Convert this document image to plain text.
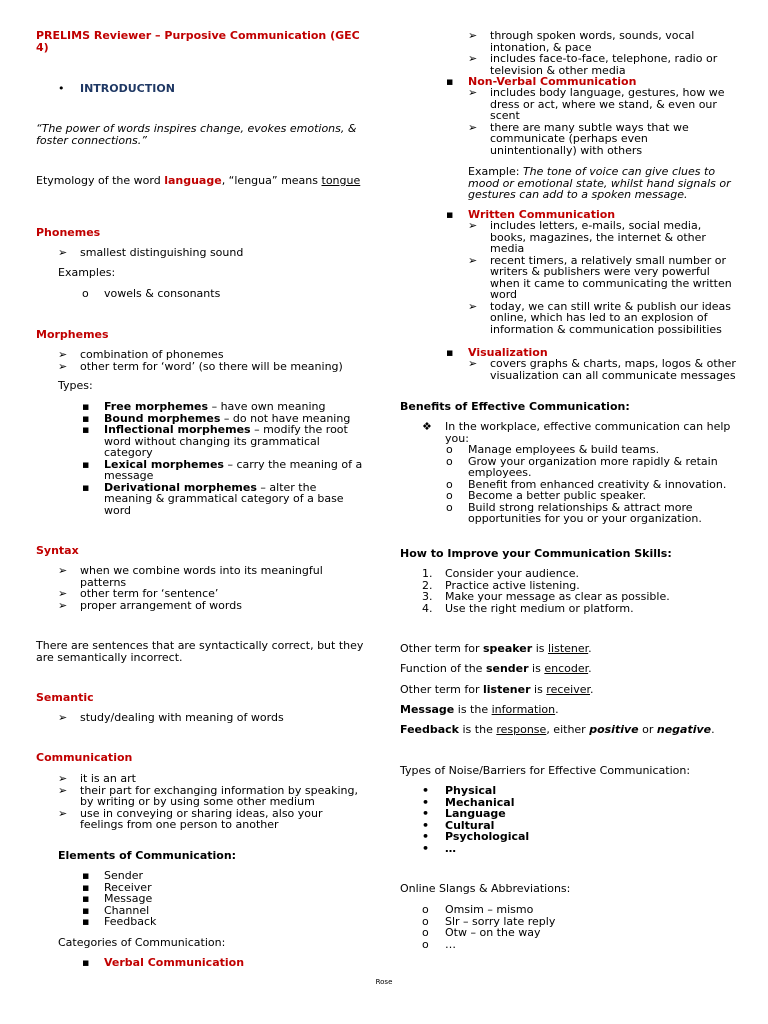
PRELIMS Reviewer – Purposive Communication (GEC 4)
• INTRODUCTION
“The power of words inspires change, evokes emotions, & foster connections.”
Etymology of the word language, “lengua” means tongue
Phonemes
➢ smallest distinguishing sound
Examples:
o vowels & consonants
Morphemes
➢	combination of phonemes
➢	other term for ‘word’ (so there will be meaning)
Types:
▪	Free morphemes – have own meaning
▪	Bound morphemes – do not have meaning
▪	Inflectional morphemes – modify the root word without changing its grammatical category
▪	Lexical morphemes – carry the meaning of a message
▪	Derivational morphemes – alter the meaning & grammatical category of a base word
Syntax
➢	when we combine words into its meaningful patterns
➢	other term for ‘sentence’
➢	proper arrangement of words
There are sentences that are syntactically correct, but they are semantically incorrect.
Semantic
➢ study/dealing with meaning of words
Communication
➢	it is an art
➢	their part for exchanging information by speaking, by writing or by using some other medium
➢	use in conveying or sharing ideas, also your feelings from one person to another
Elements of Communication:
▪	Sender
▪	Receiver
▪	Message
▪	Channel
▪	Feedback
Categories of Communication:
▪ Verbal Communication
➢	through spoken words, sounds, vocal intonation, & pace
➢	includes face-to-face, telephone, radio or television & other media
▪ Non-Verbal Communication
➢	includes body language, gestures, how we dress or act, where we stand, & even our scent
➢	there are many subtle ways that we communicate (perhaps even unintentionally) with others
Example: The tone of voice can give clues to mood or emotional state, whilst hand signals or gestures can add to a spoken message.
▪ Written Communication
➢	includes letters, e-mails, social media, books, magazines, the internet & other media
➢	recent timers, a relatively small number or writers & publishers were very powerful when it came to communicating the written word
➢	today, we can still write & publish our ideas online, which has led to an explosion of information & communication possibilities
▪ Visualization
➢ covers graphs & charts, maps, logos & other visualization can all communicate messages
Benefits of Effective Communication:
❖ In the workplace, effective communication can help you:
o	Manage employees & build teams.
o	Grow your organization more rapidly & retain employees.
o	Benefit from enhanced creativity & innovation.
o	Become a better public speaker.
o	Build strong relationships & attract more opportunities for you or your organization.
How to Improve your Communication Skills:
1.	Consider your audience.
2.	Practice active listening.
3.	Make your message as clear as possible.
4.	Use the right medium or platform.
Other term for speaker is listener.
Function of the sender is encoder.
Other term for listener is receiver.
Message is the information.
Feedback is the response, either positive or negative.
Types of Noise/Barriers for Effective Communication:
•	Physical
•	Mechanical
•	Language
•	Cultural
•	Psychological
•	…
Online Slangs & Abbreviations:
o	Omsim – mismo
o	Slr – sorry late reply
o	Otw – on the way
o	…
Rose
